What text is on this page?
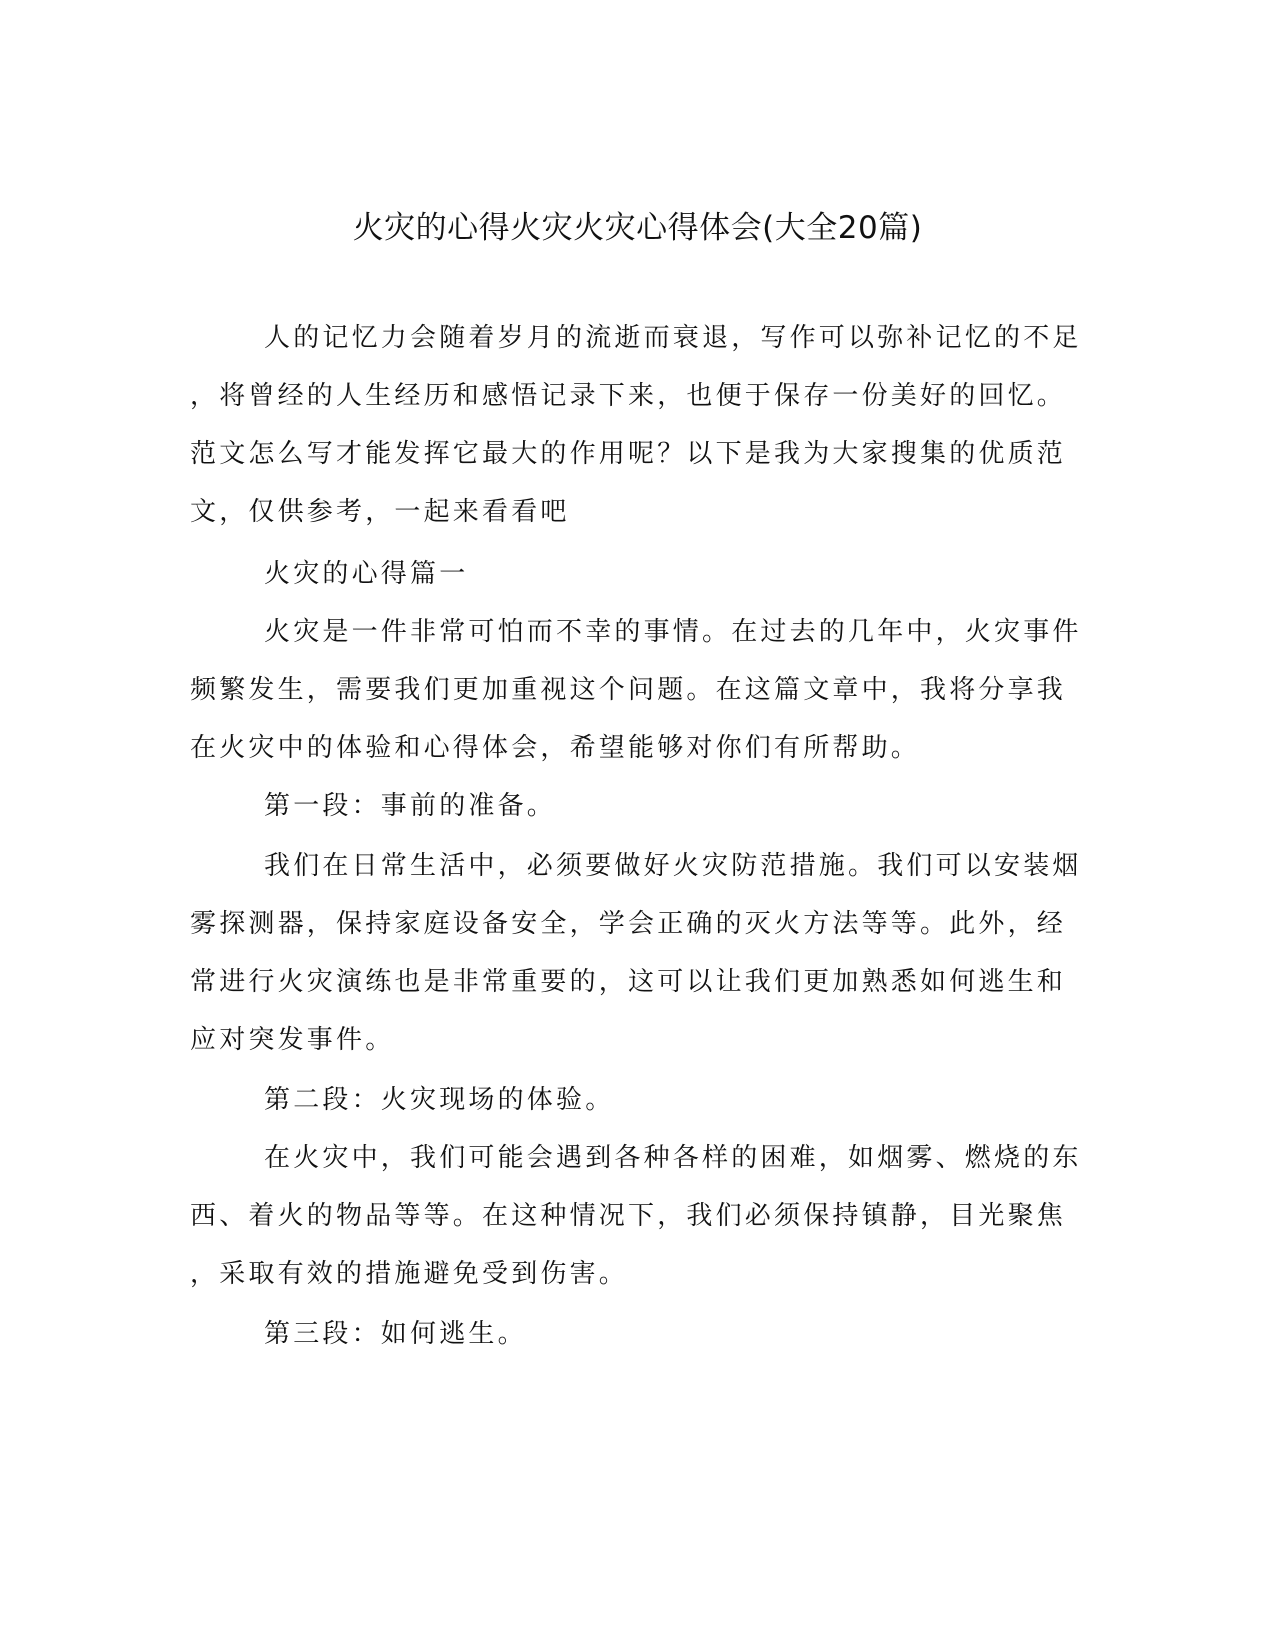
火灾的心得火灾火灾心得体会(大全20篇)

人的记忆力会随着岁月的流逝而衰退，写作可以弥补记忆的不足

，将曾经的人生经历和感悟记录下来，也便于保存一份美好的回忆。

范文怎么写才能发挥它最大的作用呢？以下是我为大家搜集的优质范

文，仅供参考，一起来看看吧

火灾的心得篇一

火灾是一件非常可怕而不幸的事情。在过去的几年中，火灾事件

频繁发生，需要我们更加重视这个问题。在这篇文章中，我将分享我

在火灾中的体验和心得体会，希望能够对你们有所帮助。

第一段：事前的准备。

我们在日常生活中，必须要做好火灾防范措施。我们可以安装烟

雾探测器，保持家庭设备安全，学会正确的灭火方法等等。此外，经

常进行火灾演练也是非常重要的，这可以让我们更加熟悉如何逃生和

应对突发事件。

第二段：火灾现场的体验。

在火灾中，我们可能会遇到各种各样的困难，如烟雾、燃烧的东

西、着火的物品等等。在这种情况下，我们必须保持镇静，目光聚焦

，采取有效的措施避免受到伤害。

第三段：如何逃生。
